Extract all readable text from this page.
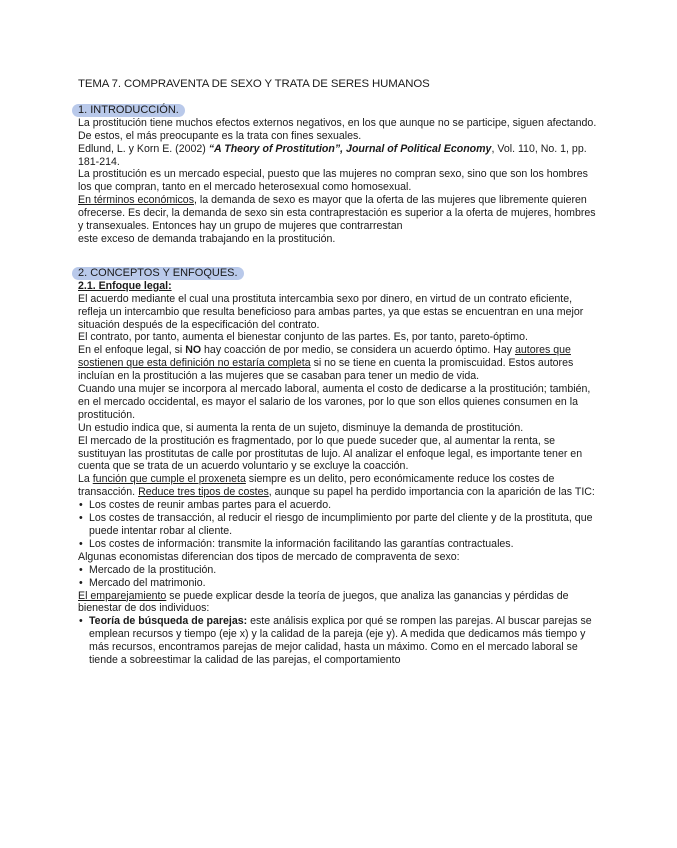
TEMA 7. COMPRAVENTA DE SEXO Y TRATA DE SERES HUMANOS
1. INTRODUCCIÓN.

La prostitución tiene muchos efectos externos negativos, en los que aunque no se participe, siguen afectando.

De estos, el más preocupante es la trata con fines sexuales.

Edlund, L. y Korn E. (2002) “A Theory of Prostitution”, Journal of Political Economy, Vol. 110, No. 1, pp. 181-214.

La prostitución es un mercado especial, puesto que las mujeres no compran sexo, sino que son los hombres los que compran, tanto en el mercado heterosexual como homosexual.

En términos económicos, la demanda de sexo es mayor que la oferta de las mujeres que libremente quieren ofrecerse. Es decir, la demanda de sexo sin esta contraprestación es superior a la oferta de mujeres, hombres y transexuales. Entonces hay un grupo de mujeres que contrarrestan

este exceso de demanda trabajando en la prostitución.

2. CONCEPTOS Y ENFOQUES.

2.1. Enfoque legal:

El acuerdo mediante el cual una prostituta intercambia sexo por dinero, en virtud de un contrato eficiente, refleja un intercambio que resulta beneficioso para ambas partes, ya que estas se encuentran en una mejor situación después de la especificación del contrato.

El contrato, por tanto, aumenta el bienestar conjunto de las partes. Es, por tanto, pareto-óptimo.

En el enfoque legal, si NO hay coacción de por medio, se considera un acuerdo óptimo. Hay autores que sostienen que esta definición no estaría completa si no se tiene en cuenta la promiscuidad. Estos autores incluían en la prostitución a las mujeres que se casaban para tener un medio de vida.

Cuando una mujer se incorpora al mercado laboral, aumenta el costo de dedicarse a la prostitución; también, en el mercado occidental, es mayor el salario de los varones, por lo que son ellos quienes consumen en la prostitución.

Un estudio indica que, si aumenta la renta de un sujeto, disminuye la demanda de prostitución.

El mercado de la prostitución es fragmentado, por lo que puede suceder que, al aumentar la renta, se sustituyan las prostitutas de calle por prostitutas de lujo. Al analizar el enfoque legal, es importante tener en cuenta que se trata de un acuerdo voluntario y se excluye la coacción.

La función que cumple el proxeneta siempre es un delito, pero económicamente reduce los costes de transacción. Reduce tres tipos de costes, aunque su papel ha perdido importancia con la aparición de las TIC:

• Los costes de reunir ambas partes para el acuerdo.
• Los costes de transacción, al reducir el riesgo de incumplimiento por parte del cliente y de la prostituta, que puede intentar robar al cliente.
• Los costes de información: transmite la información facilitando las garantías contractuales.

Algunas economistas diferencian dos tipos de mercado de compraventa de sexo:

• Mercado de la prostitución.
• Mercado del matrimonio.

El emparejamiento se puede explicar desde la teoría de juegos, que analiza las ganancias y pérdidas de bienestar de dos individuos:

• Teoría de búsqueda de parejas: este análisis explica por qué se rompen las parejas. Al buscar parejas se emplean recursos y tiempo (eje x) y la calidad de la pareja (eje y). A medida que dedicamos más tiempo y más recursos, encontramos parejas de mejor calidad, hasta un máximo. Como en el mercado laboral se tiende a sobreestimar la calidad de las parejas, el comportamiento
